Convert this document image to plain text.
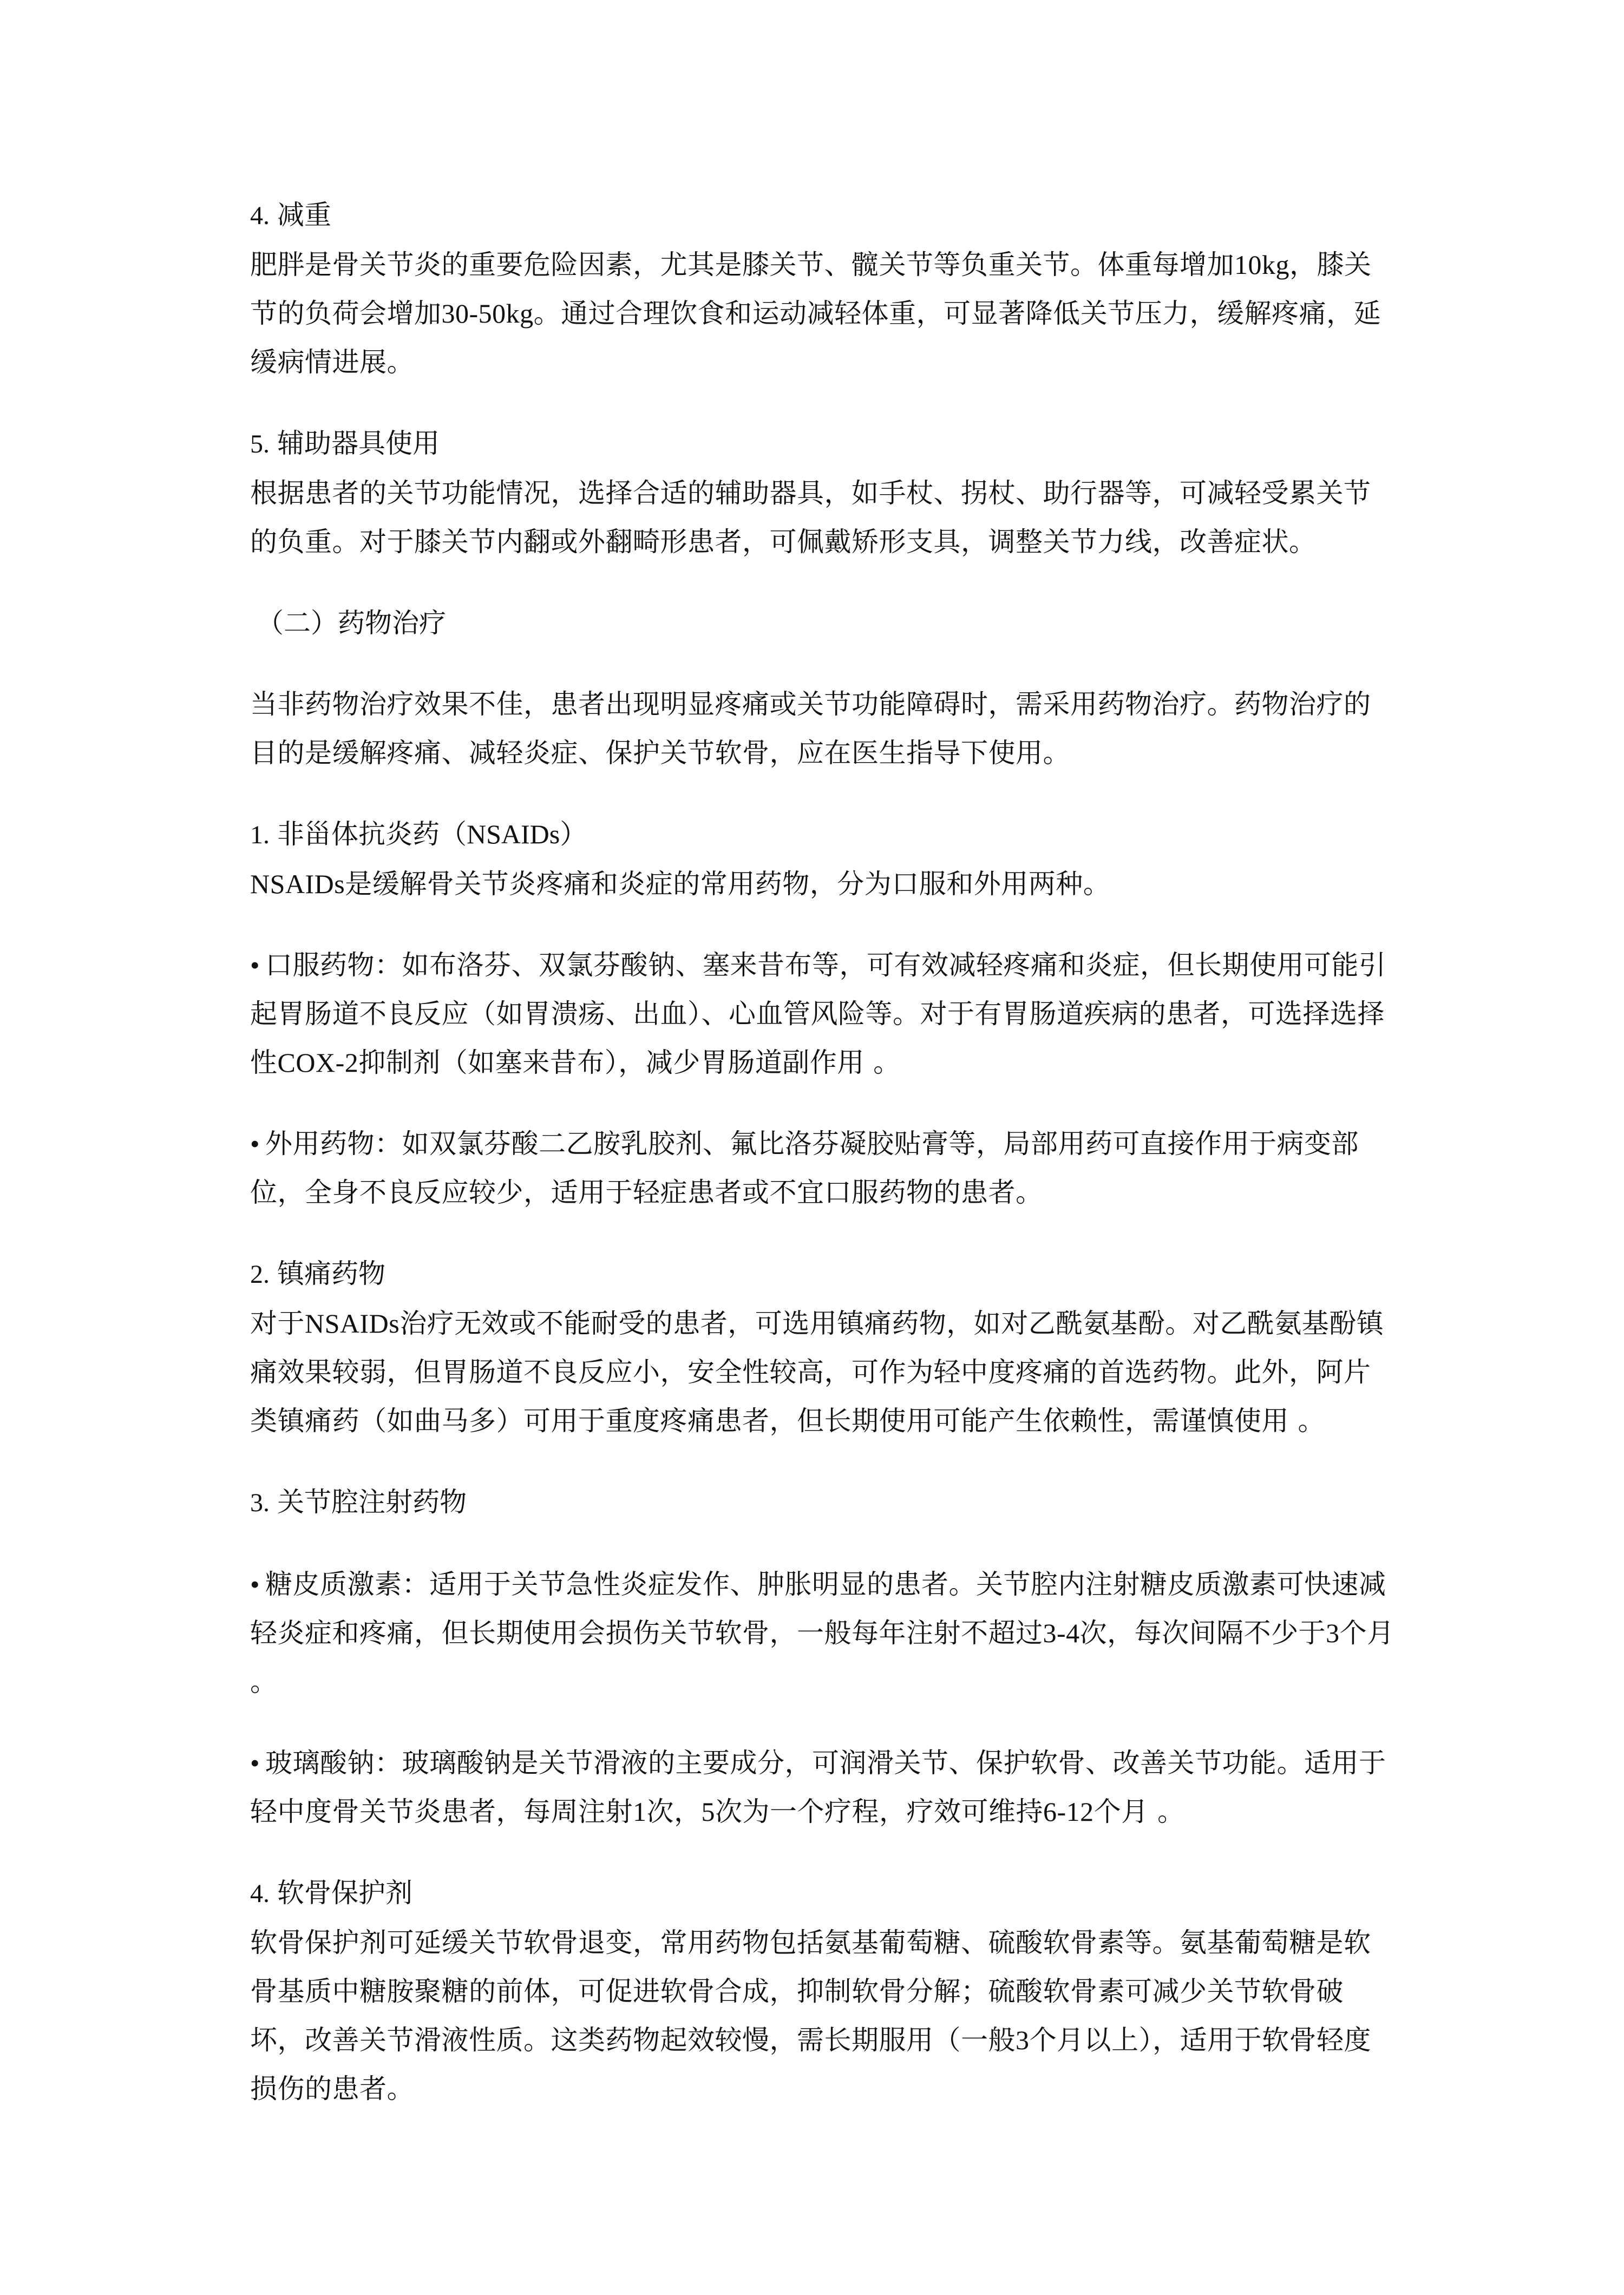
4. 减重

肥胖是骨关节炎的重要危险因素，尤其是膝关节、髋关节等负重关节。体重每增加10kg，膝关节的负荷会增加30-50kg。通过合理饮食和运动减轻体重，可显著降低关节压力，缓解疼痛，延缓病情进展。

5. 辅助器具使用

根据患者的关节功能情况，选择合适的辅助器具，如手杖、拐杖、助行器等，可减轻受累关节的负重。对于膝关节内翻或外翻畸形患者，可佩戴矫形支具，调整关节力线，改善症状。

（二）药物治疗

当非药物治疗效果不佳，患者出现明显疼痛或关节功能障碍时，需采用药物治疗。药物治疗的目的是缓解疼痛、减轻炎症、保护关节软骨，应在医生指导下使用。

1. 非甾体抗炎药（NSAIDs）

NSAIDs是缓解骨关节炎疼痛和炎症的常用药物，分为口服和外用两种。

• 口服药物：如布洛芬、双氯芬酸钠、塞来昔布等，可有效减轻疼痛和炎症，但长期使用可能引起胃肠道不良反应（如胃溃疡、出血）、心血管风险等。对于有胃肠道疾病的患者，可选择选择性COX-2抑制剂（如塞来昔布），减少胃肠道副作用 。

• 外用药物：如双氯芬酸二乙胺乳胶剂、氟比洛芬凝胶贴膏等，局部用药可直接作用于病变部位，全身不良反应较少，适用于轻症患者或不宜口服药物的患者。

2. 镇痛药物

对于NSAIDs治疗无效或不能耐受的患者，可选用镇痛药物，如对乙酰氨基酚。对乙酰氨基酚镇痛效果较弱，但胃肠道不良反应小，安全性较高，可作为轻中度疼痛的首选药物。此外，阿片类镇痛药（如曲马多）可用于重度疼痛患者，但长期使用可能产生依赖性，需谨慎使用 。

3. 关节腔注射药物

• 糖皮质激素：适用于关节急性炎症发作、肿胀明显的患者。关节腔内注射糖皮质激素可快速减轻炎症和疼痛，但长期使用会损伤关节软骨，一般每年注射不超过3-4次，每次间隔不少于3个月 。

• 玻璃酸钠：玻璃酸钠是关节滑液的主要成分，可润滑关节、保护软骨、改善关节功能。适用于轻中度骨关节炎患者，每周注射1次，5次为一个疗程，疗效可维持6-12个月 。

4. 软骨保护剂

软骨保护剂可延缓关节软骨退变，常用药物包括氨基葡萄糖、硫酸软骨素等。氨基葡萄糖是软骨基质中糖胺聚糖的前体，可促进软骨合成，抑制软骨分解；硫酸软骨素可减少关节软骨破坏，改善关节滑液性质。这类药物起效较慢，需长期服用（一般3个月以上），适用于软骨轻度损伤的患者。
